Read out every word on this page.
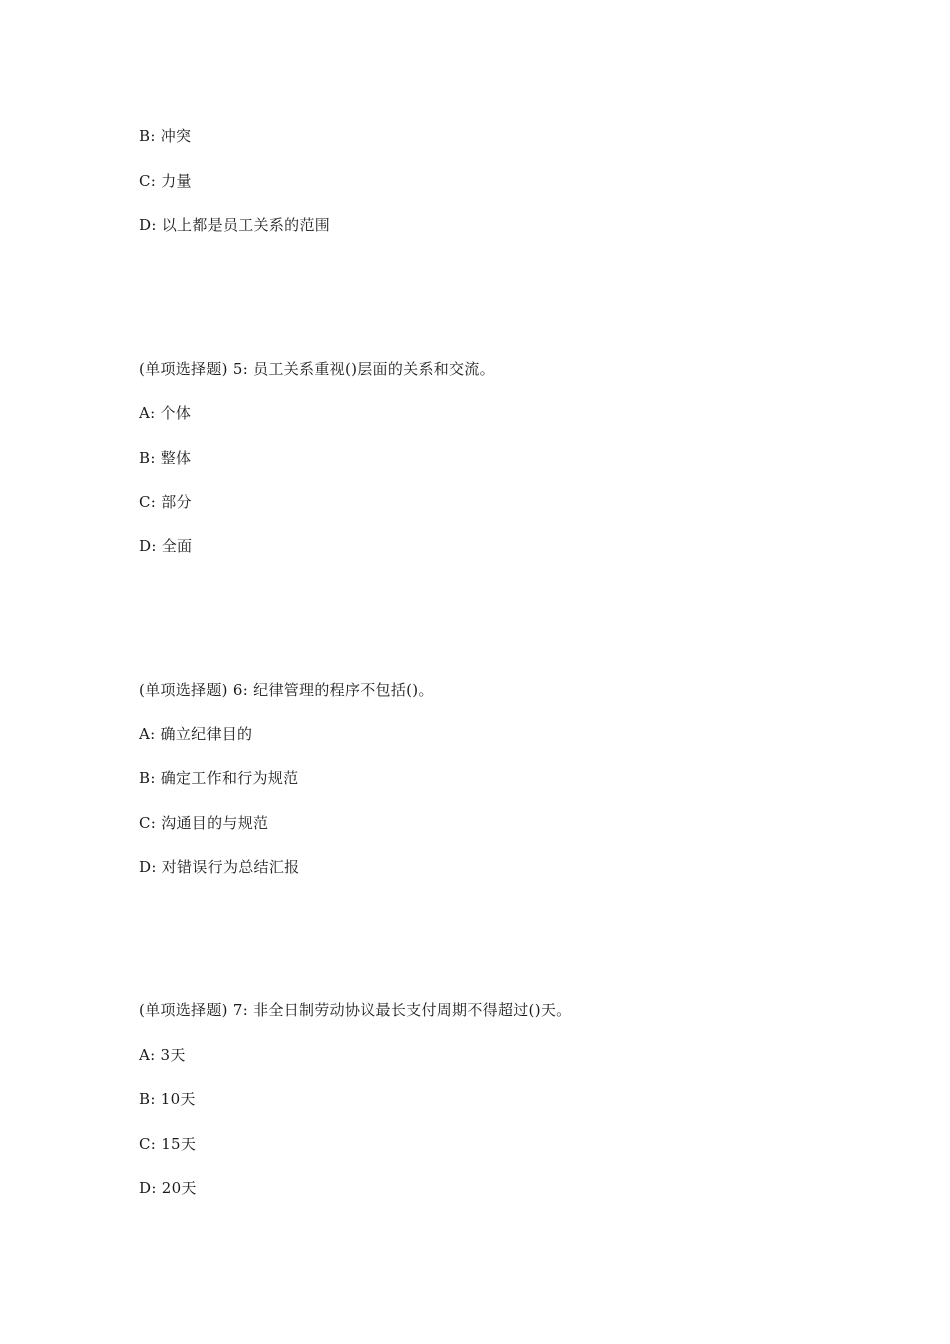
B: 冲突
C: 力量
D: 以上都是员工关系的范围
(单项选择题) 5: 员工关系重视()层面的关系和交流。
A: 个体
B: 整体
C: 部分
D: 全面
(单项选择题) 6: 纪律管理的程序不包括()。
A: 确立纪律目的
B: 确定工作和行为规范
C: 沟通目的与规范
D: 对错误行为总结汇报
(单项选择题) 7: 非全日制劳动协议最长支付周期不得超过()天。
A: 3天
B: 10天
C: 15天
D: 20天
